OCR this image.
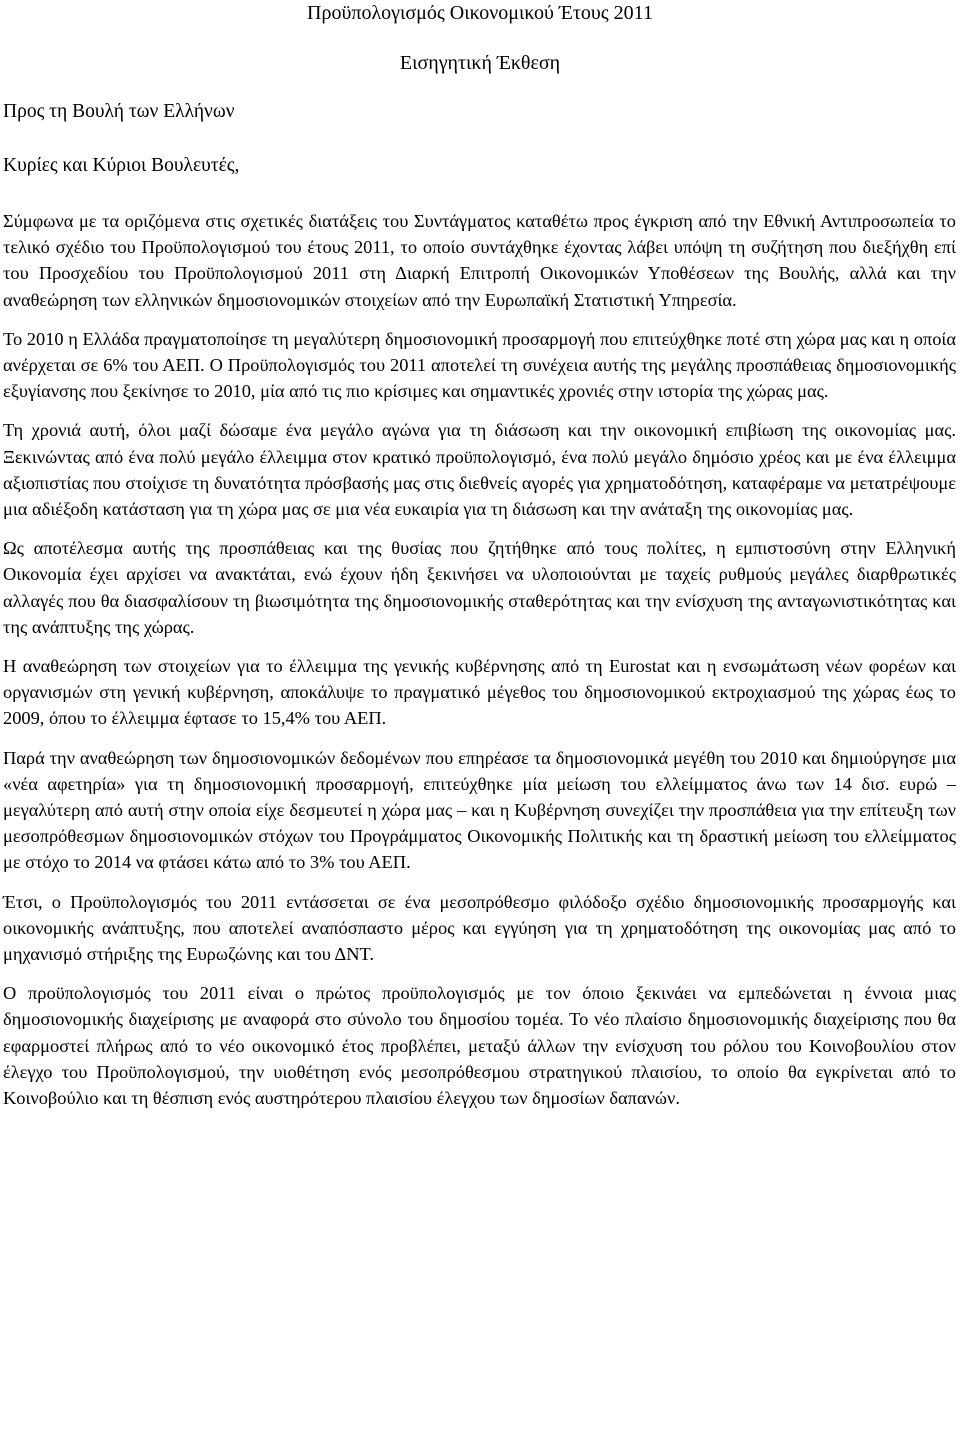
Προϋπολογισμός Οικονομικού Έτους 2011
Εισηγητική Έκθεση

Προς τη Βουλή των Ελλήνων

Κυρίες και Κύριοι Βουλευτές,

Σύμφωνα με τα οριζόμενα στις σχετικές διατάξεις του Συντάγματος καταθέτω προς έγκριση από την Εθνική Αντιπροσωπεία το τελικό σχέδιο του Προϋπολογισμού του έτους 2011, το οποίο συντάχθηκε έχοντας λάβει υπόψη τη συζήτηση που διεξήχθη επί του Προσχεδίου του Προϋπολογισμού 2011 στη Διαρκή Επιτροπή Οικονομικών Υποθέσεων της Βουλής, αλλά και την αναθεώρηση των ελληνικών δημοσιονομικών στοιχείων από την Ευρωπαϊκή Στατιστική Υπηρεσία.

Το 2010 η Ελλάδα πραγματοποίησε τη μεγαλύτερη δημοσιονομική προσαρμογή που επιτεύχθηκε ποτέ στη χώρα μας και η οποία ανέρχεται σε 6% του ΑΕΠ. Ο Προϋπολογισμός του 2011 αποτελεί τη συνέχεια αυτής της μεγάλης προσπάθειας δημοσιονομικής εξυγίανσης που ξεκίνησε το 2010, μία από τις πιο κρίσιμες και σημαντικές χρονιές στην ιστορία της χώρας μας.

Τη χρονιά αυτή, όλοι μαζί δώσαμε ένα μεγάλο αγώνα για τη διάσωση και την οικονομική επιβίωση της οικονομίας μας. Ξεκινώντας από ένα πολύ μεγάλο έλλειμμα στον κρατικό προϋπολογισμό, ένα πολύ μεγάλο δημόσιο χρέος και με ένα έλλειμμα αξιοπιστίας που στοίχισε τη δυνατότητα πρόσβασής μας στις διεθνείς αγορές για χρηματοδότηση, καταφέραμε να μετατρέψουμε μια αδιέξοδη κατάσταση για τη χώρα μας σε μια νέα ευκαιρία για τη διάσωση και την ανάταξη της οικονομίας μας.

Ως αποτέλεσμα αυτής της προσπάθειας και της θυσίας που ζητήθηκε από τους πολίτες, η εμπιστοσύνη στην Ελληνική Οικονομία έχει αρχίσει να ανακτάται, ενώ έχουν ήδη ξεκινήσει να υλοποιούνται με ταχείς ρυθμούς μεγάλες διαρθρωτικές αλλαγές που θα διασφαλίσουν τη βιωσιμότητα της δημοσιονομικής σταθερότητας και την ενίσχυση της ανταγωνιστικότητας και της ανάπτυξης της χώρας.

Η αναθεώρηση των στοιχείων για το έλλειμμα της γενικής κυβέρνησης από τη Eurostat και η ενσωμάτωση νέων φορέων και οργανισμών στη γενική κυβέρνηση, αποκάλυψε το πραγματικό μέγεθος του δημοσιονομικού εκτροχιασμού της χώρας έως το 2009, όπου το έλλειμμα έφτασε το 15,4% του ΑΕΠ.

Παρά την αναθεώρηση των δημοσιονομικών δεδομένων που επηρέασε τα δημοσιονομικά μεγέθη του 2010 και δημιούργησε μια «νέα αφετηρία» για τη δημοσιονομική προσαρμογή, επιτεύχθηκε μία μείωση του ελλείμματος άνω των 14 δισ. ευρώ – μεγαλύτερη από αυτή στην οποία είχε δεσμευτεί η χώρα μας – και η Κυβέρνηση συνεχίζει την προσπάθεια για την επίτευξη των μεσοπρόθεσμων δημοσιονομικών στόχων του Προγράμματος Οικονομικής Πολιτικής και τη δραστική μείωση του ελλείμματος με στόχο το 2014 να φτάσει κάτω από το 3% του ΑΕΠ.

Έτσι, ο Προϋπολογισμός του 2011 εντάσσεται σε ένα μεσοπρόθεσμο φιλόδοξο σχέδιο δημοσιονομικής προσαρμογής και οικονομικής ανάπτυξης, που αποτελεί αναπόσπαστο μέρος και εγγύηση για τη χρηματοδότηση της οικονομίας μας από το μηχανισμό στήριξης της Ευρωζώνης και του ΔΝΤ.

Ο προϋπολογισμός του 2011 είναι ο πρώτος προϋπολογισμός με τον όποιο ξεκινάει να εμπεδώνεται η έννοια μιας δημοσιονομικής διαχείρισης με αναφορά στο σύνολο του δημοσίου τομέα. Το νέο πλαίσιο δημοσιονομικής διαχείρισης που θα εφαρμοστεί πλήρως από το νέο οικονομικό έτος προβλέπει, μεταξύ άλλων την ενίσχυση του ρόλου του Κοινοβουλίου στον έλεγχο του Προϋπολογισμού, την υιοθέτηση ενός μεσοπρόθεσμου στρατηγικού πλαισίου, το οποίο θα εγκρίνεται από το Κοινοβούλιο και τη θέσπιση ενός αυστηρότερου πλαισίου έλεγχου των δημοσίων δαπανών.
